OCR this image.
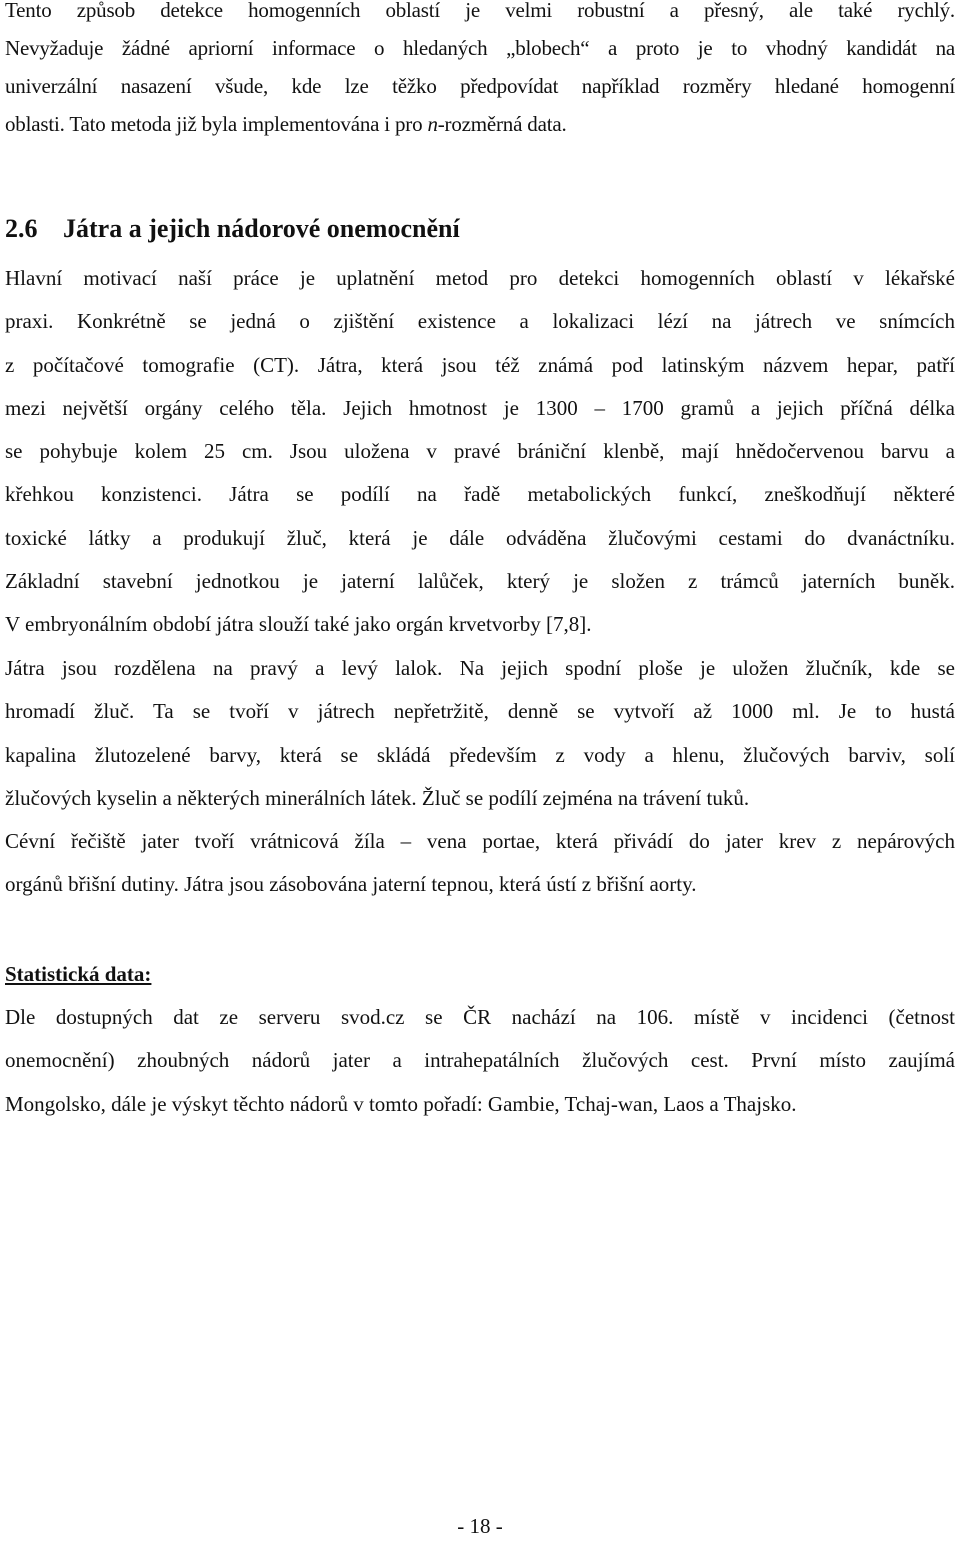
Tento způsob detekce homogenních oblastí je velmi robustní a přesný, ale také rychlý.
Nevyžaduje žádné apriorní informace o hledaných „blobech“ a proto je to vhodný kandidát na
univerzální nasazení všude, kde lze těžko předpovídat například rozměry hledané homogenní
oblasti. Tato metoda již byla implementována i pro n-rozměrná data.
2.6 Játra a jejich nádorové onemocnění
Hlavní motivací naší práce je uplatnění metod pro detekci homogenních oblastí v lékařské
praxi. Konkrétně se jedná o zjištění existence a lokalizaci lézí na játrech ve snímcích
z počítačové tomografie (CT). Játra, která jsou též známá pod latinským názvem hepar, patří
mezi největší orgány celého těla. Jejich hmotnost je 1300 – 1700 gramů a jejich příčná délka
se pohybuje kolem 25 cm. Jsou uložena v pravé brániční klenbě, mají hnědočervenou barvu a
křehkou konzistenci. Játra se podílí na řadě metabolických funkcí, zneškodňují některé
toxické látky a produkují žluč, která je dále odváděna žlučovými cestami do dvanáctníku.
Základní stavební jednotkou je jaterní lalůček, který je složen z trámců jaterních buněk.
V embryonálním období játra slouží také jako orgán krvetvorby [7,8].
Játra jsou rozdělena na pravý a levý lalok. Na jejich spodní ploše je uložen žlučník, kde se
hromadí žluč. Ta se tvoří v játrech nepřetržitě, denně se vytvoří až 1000 ml. Je to hustá
kapalina žlutozelené barvy, která se skládá především z vody a hlenu, žlučových barviv, solí
žlučových kyselin a některých minerálních látek. Žluč se podílí zejména na trávení tuků.
Cévní řečiště jater tvoří vrátnicová žíla – vena portae, která přivádí do jater krev z nepárových
orgánů břišní dutiny. Játra jsou zásobována jaterní tepnou, která ústí z břišní aorty.
Statistická data:
Dle dostupných dat ze serveru svod.cz se ČR nachází na 106. místě v incidenci (četnost
onemocnění) zhoubných nádorů jater a intrahepatálních žlučových cest. První místo zaujímá
Mongolsko, dále je výskyt těchto nádorů v tomto pořadí: Gambie, Tchaj-wan, Laos a Thajsko.
- 18 -
